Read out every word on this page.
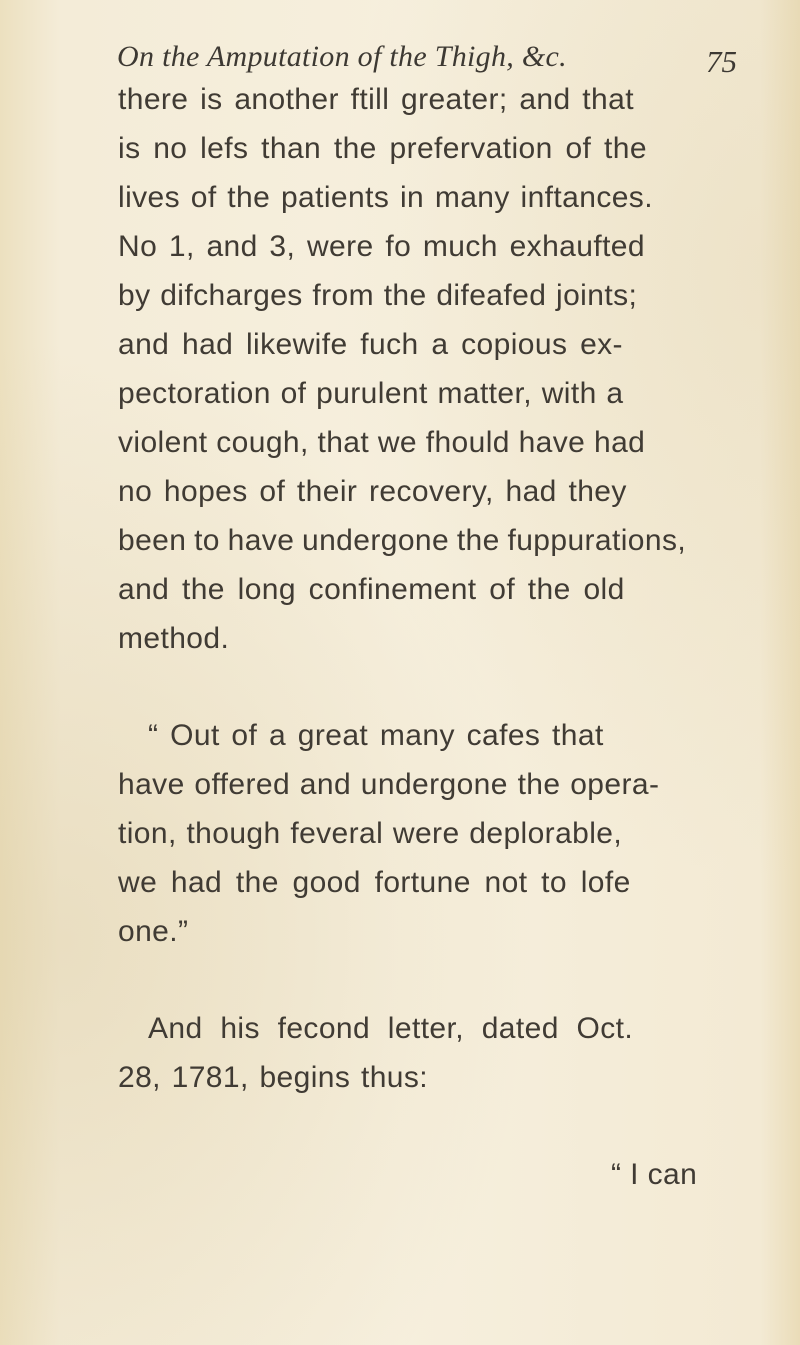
On the Amputation of the Thigh, &c.	75
there is another ftill greater; and that
is no lefs than the prefervation of the
lives of the patients in many inftances.
No 1, and 3, were fo much exhaufted
by difcharges from the difeafed joints;
and had likewife fuch a copious ex-
pectoration of purulent matter, with a
violent cough, that we fhould have had
no hopes of their recovery, had they
been to have undergone the fuppurations,
and the long confinement of the old
method.
“ Out of a great many cafes that
have offered and undergone the opera-
tion, though feveral were deplorable,
we had the good fortune not to lofe
one.”
And his fecond letter, dated Oct.
28, 1781, begins thus:
“ I can
